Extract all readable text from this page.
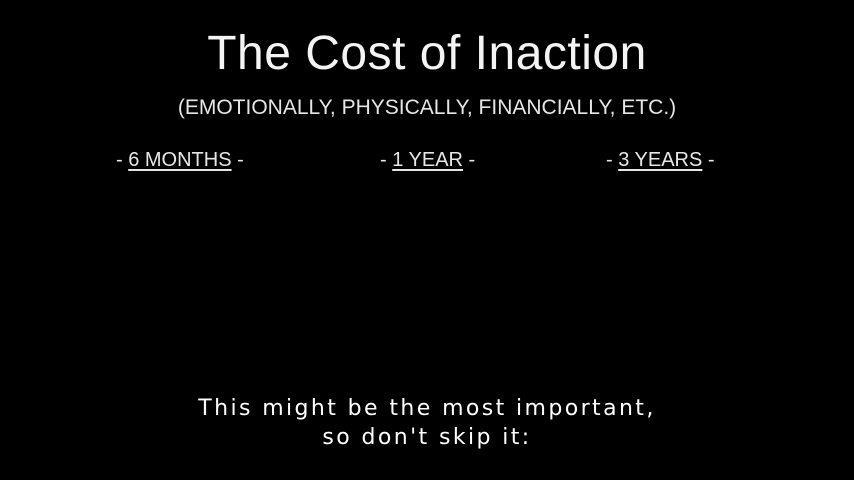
The Cost of Inaction
(EMOTIONALLY, PHYSICALLY, FINANCIALLY, ETC.)
- 6 MONTHS -	- 1 YEAR -	- 3 YEARS -
This might be the most important,
so don't skip it:
